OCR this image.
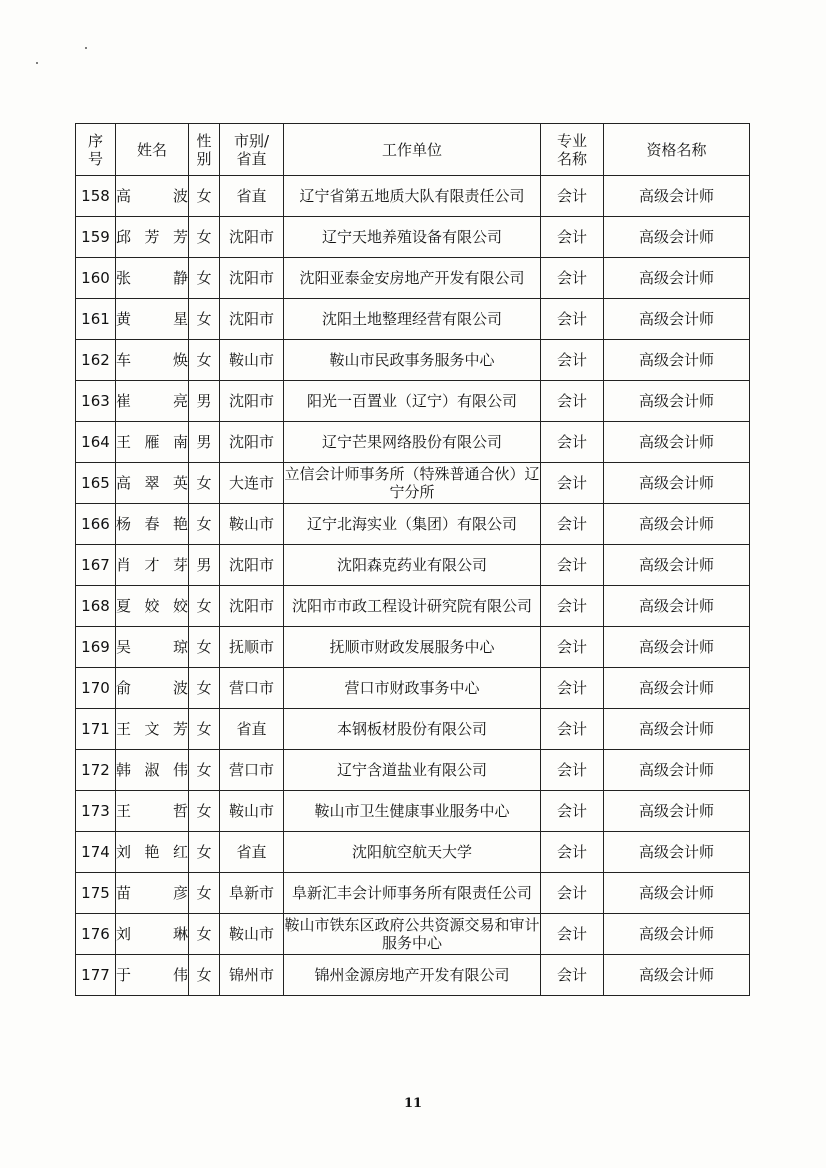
序号	姓名	性别	市别/省直	工作单位	专业名称	资格名称
158	高 波	女	省直	辽宁省第五地质大队有限责任公司	会计	高级会计师
159	邱芳芳	女	沈阳市	辽宁天地养殖设备有限公司	会计	高级会计师
160	张 静	女	沈阳市	沈阳亚泰金安房地产开发有限公司	会计	高级会计师
161	黄 星	女	沈阳市	沈阳土地整理经营有限公司	会计	高级会计师
162	车 焕	女	鞍山市	鞍山市民政事务服务中心	会计	高级会计师
163	崔 亮	男	沈阳市	阳光一百置业（辽宁）有限公司	会计	高级会计师
164	王雁南	男	沈阳市	辽宁芒果网络股份有限公司	会计	高级会计师
165	高翠英	女	大连市	立信会计师事务所（特殊普通合伙）辽宁分所	会计	高级会计师
166	杨春艳	女	鞍山市	辽宁北海实业（集团）有限公司	会计	高级会计师
167	肖才芽	男	沈阳市	沈阳森克药业有限公司	会计	高级会计师
168	夏姣姣	女	沈阳市	沈阳市市政工程设计研究院有限公司	会计	高级会计师
169	吴 琼	女	抚顺市	抚顺市财政发展服务中心	会计	高级会计师
170	俞 波	女	营口市	营口市财政事务中心	会计	高级会计师
171	王文芳	女	省直	本钢板材股份有限公司	会计	高级会计师
172	韩淑伟	女	营口市	辽宁含道盐业有限公司	会计	高级会计师
173	王 哲	女	鞍山市	鞍山市卫生健康事业服务中心	会计	高级会计师
174	刘艳红	女	省直	沈阳航空航天大学	会计	高级会计师
175	苗 彦	女	阜新市	阜新汇丰会计师事务所有限责任公司	会计	高级会计师
176	刘 琳	女	鞍山市	鞍山市铁东区政府公共资源交易和审计服务中心	会计	高级会计师
177	于 伟	女	锦州市	锦州金源房地产开发有限公司	会计	高级会计师
11
